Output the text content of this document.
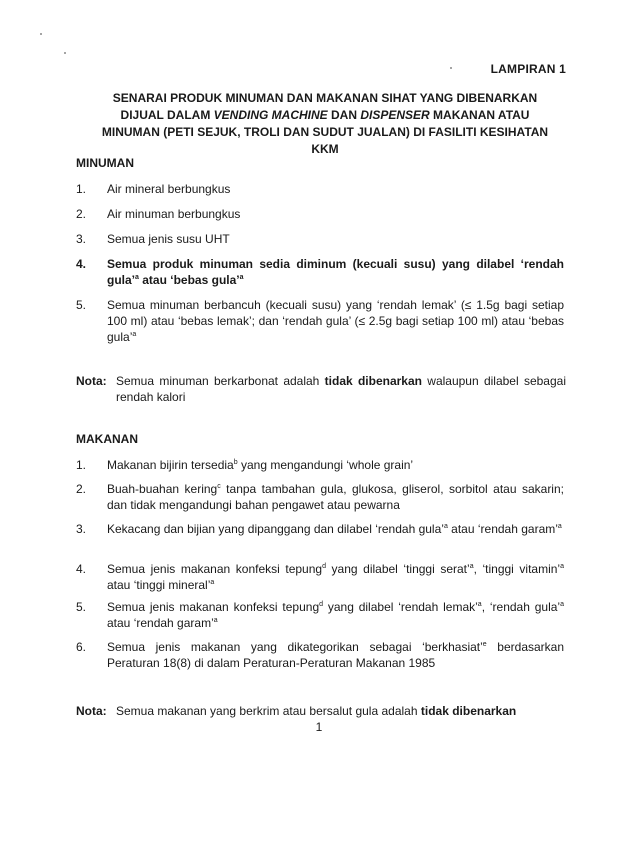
LAMPIRAN 1
SENARAI PRODUK MINUMAN DAN MAKANAN SIHAT YANG DIBENARKAN
DIJUAL DALAM VENDING MACHINE DAN DISPENSER MAKANAN ATAU
MINUMAN (PETI SEJUK, TROLI DAN SUDUT JUALAN) DI FASILITI KESIHATAN
KKM
MINUMAN
1. Air mineral berbungkus
2. Air minuman berbungkus
3. Semua jenis susu UHT
4. Semua produk minuman sedia diminum (kecuali susu) yang dilabel ‘rendah gula’$^a$ atau ‘bebas gula’$^a$
5. Semua minuman berbancuh (kecuali susu) yang ‘rendah lemak’ (≤ 1.5g bagi setiap 100 ml) atau ‘bebas lemak’; dan ‘rendah gula’ (≤ 2.5g bagi setiap 100 ml) atau ‘bebas gula’$^a$
Nota: Semua minuman berkarbonat adalah tidak dibenarkan walaupun dilabel sebagai rendah kalori
MAKANAN
1. Makanan bijirin tersedia$^b$ yang mengandungi ‘whole grain’
2. Buah-buahan kering$^c$ tanpa tambahan gula, glukosa, gliserol, sorbitol atau sakarin; dan tidak mengandungi bahan pengawet atau pewarna
3. Kekacang dan bijian yang dipanggang dan dilabel ‘rendah gula’$^a$ atau ‘rendah garam’$^a$
4. Semua jenis makanan konfeksi tepung$^d$ yang dilabel ‘tinggi serat’$^a$, ‘tinggi vitamin’$^a$ atau ‘tinggi mineral’$^a$
5. Semua jenis makanan konfeksi tepung$^d$ yang dilabel ‘rendah lemak’$^a$, ‘rendah gula’$^a$ atau ‘rendah garam’$^a$
6. Semua jenis makanan yang dikategorikan sebagai ‘berkhasiat’$^e$ berdasarkan Peraturan 18(8) di dalam Peraturan-Peraturan Makanan 1985
Nota: Semua makanan yang berkrim atau bersalut gula adalah tidak dibenarkan
1
